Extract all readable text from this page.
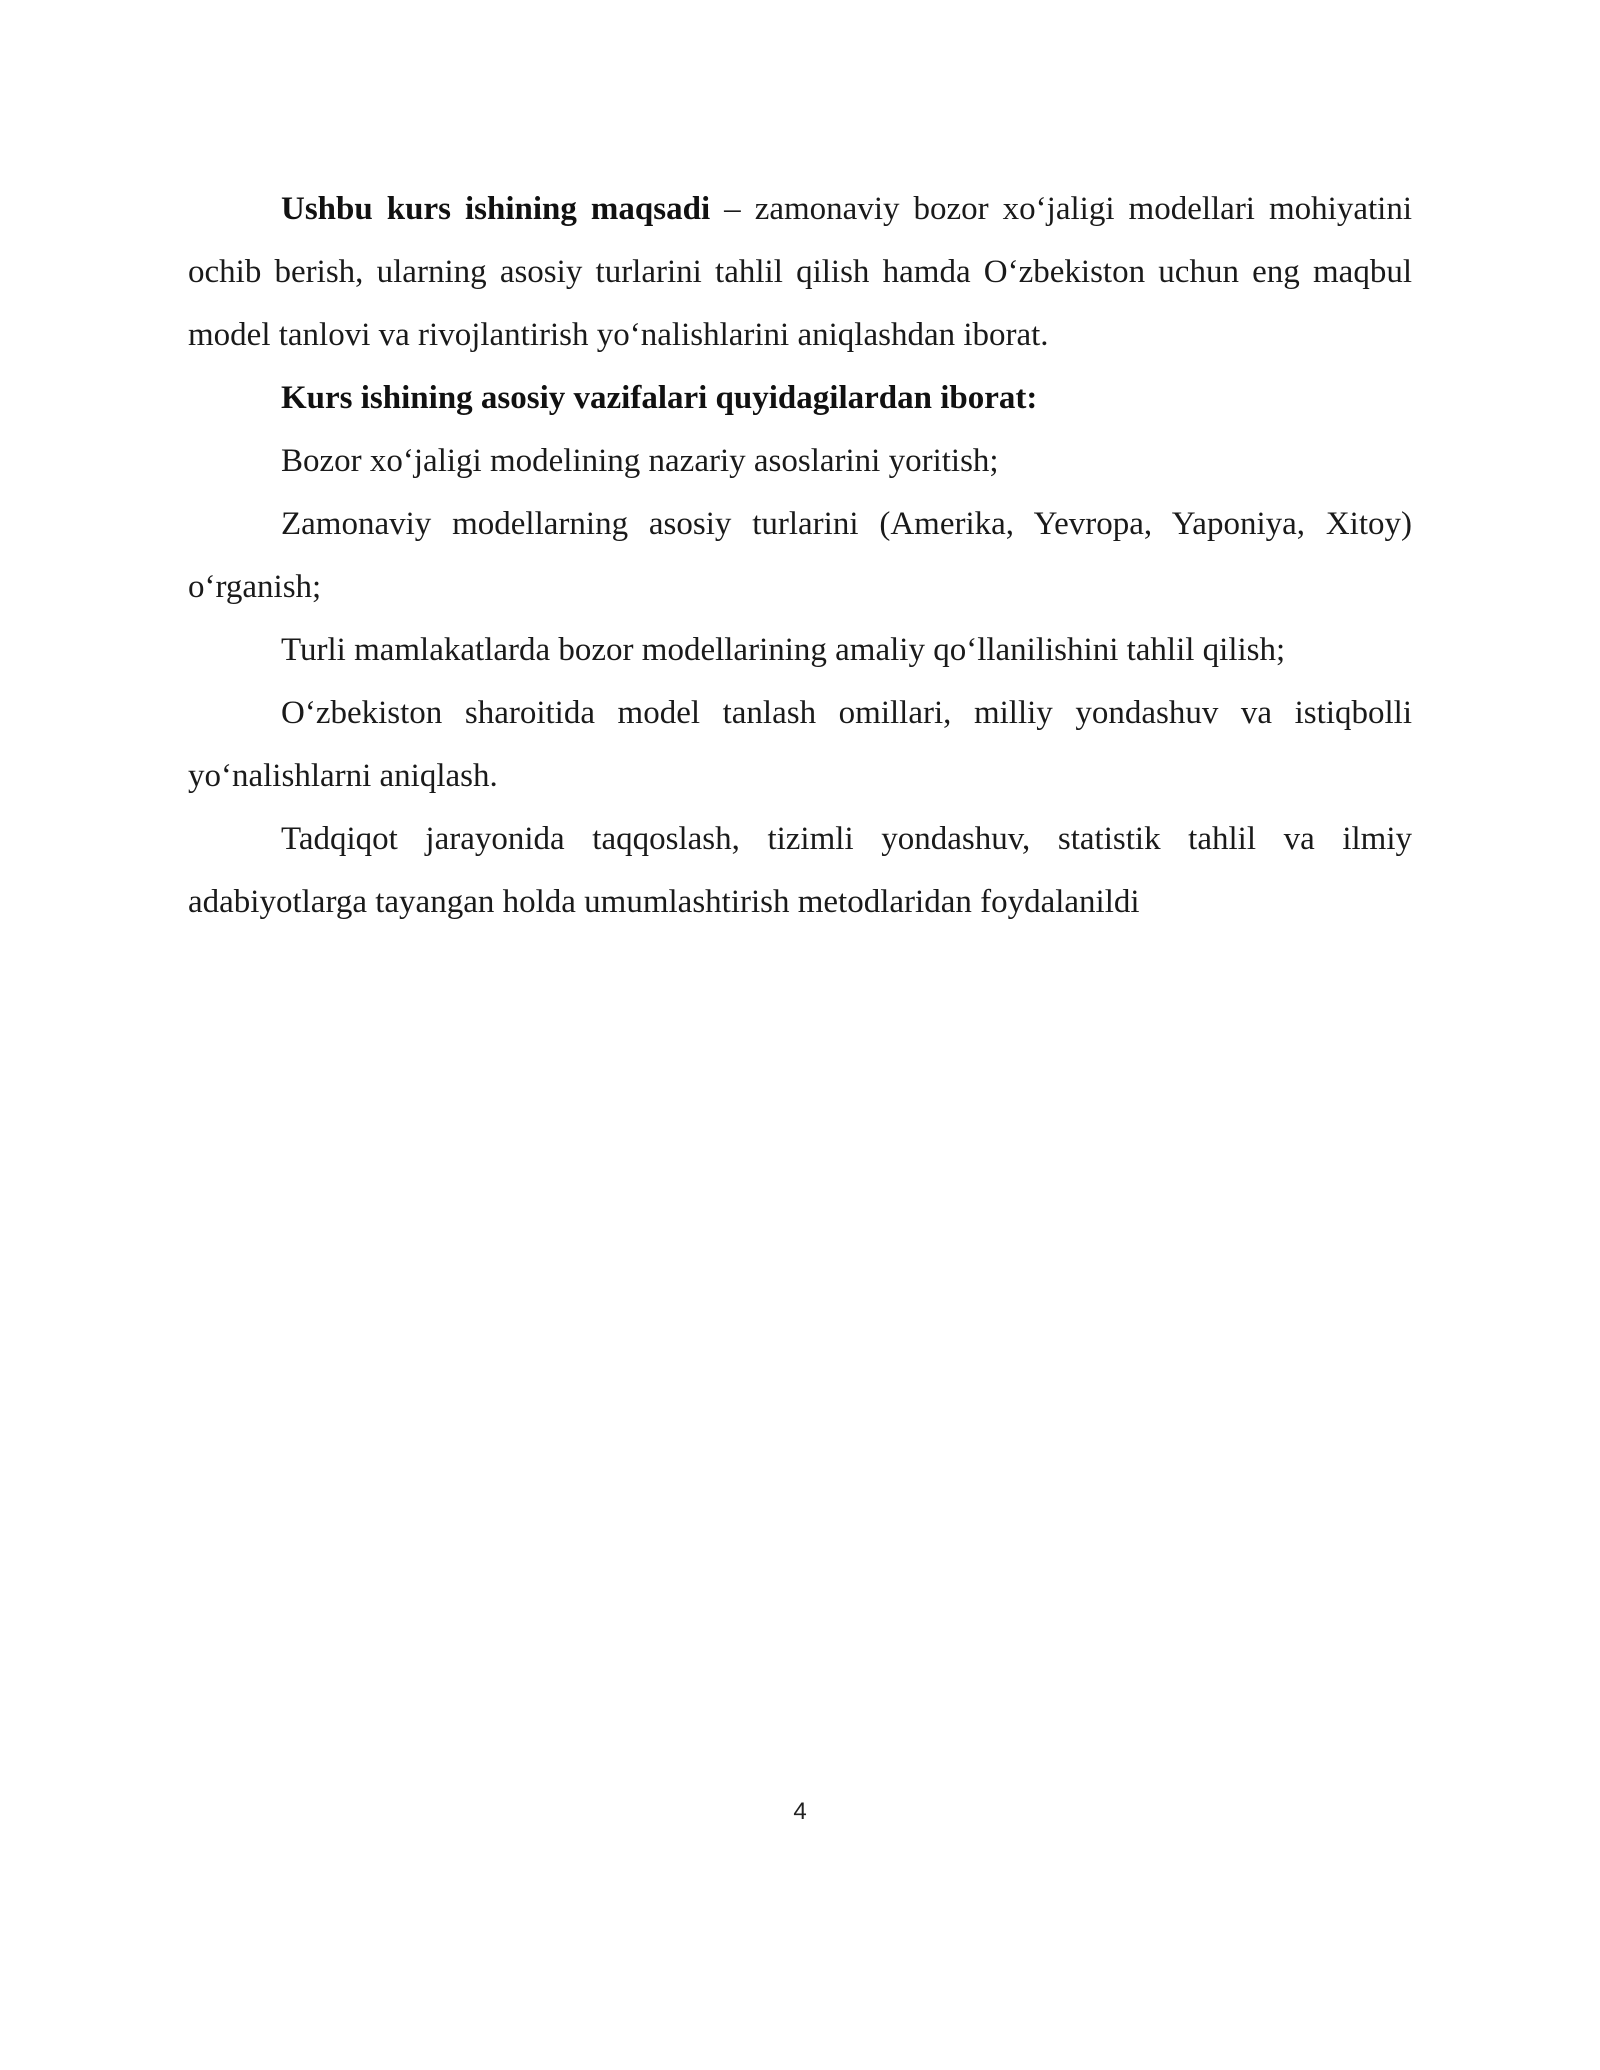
Ushbu kurs ishining maqsadi – zamonaviy bozor xo‘jaligi modellari mohiyatini ochib berish, ularning asosiy turlarini tahlil qilish hamda O‘zbekiston uchun eng maqbul model tanlovi va rivojlantirish yo‘nalishlarini aniqlashdan iborat.

Kurs ishining asosiy vazifalari quyidagilardan iborat:

Bozor xo‘jaligi modelining nazariy asoslarini yoritish;

Zamonaviy modellarning asosiy turlarini (Amerika, Yevropa, Yaponiya, Xitoy) o‘rganish;

Turli mamlakatlarda bozor modellarining amaliy qo‘llanilishini tahlil qilish;

O‘zbekiston sharoitida model tanlash omillari, milliy yondashuv va istiqbolli yo‘nalishlarni aniqlash.

Tadqiqot jarayonida taqqoslash, tizimli yondashuv, statistik tahlil va ilmiy adabiyotlarga tayangan holda umumlashtirish metodlaridan foydalanildi

4
